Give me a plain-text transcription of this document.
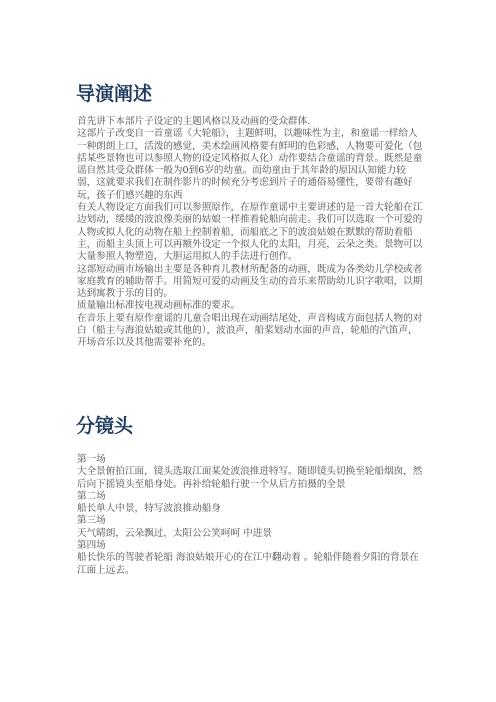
导演阐述

首先讲下本部片子设定的主题风格以及动画的受众群体.

这部片子改变自一首童谣《大轮船》，主题鲜明，以趣味性为主，和童谣一样给人一种朗朗上口，活泼的感觉，美术绘画风格要有鲜明的色彩感，人物要可爱化（包括某些景物也可以参照人物的设定风格拟人化）动作要结合童谣的背景。既然是童谣自然其受众群体一般为0到6岁的幼童。而幼童由于其年龄的原因认知能力较弱，这就要求我们在制作影片的时候充分考虑到片子的通俗易懂性，要带有趣好玩，孩子们感兴趣的东西

有关人物设定方面我们可以参照原作，在原作童谣中主要讲述的是一首大轮船在江边划动，缓缓的波浪像美丽的姑娘一样推着轮船向前走。我们可以选取一个可爱的人物或拟人化的动物在船上控制着船，而船底之下的波浪姑娘在默默的帮助着船主，而船主头顶上可以再额外设定一个拟人化的太阳，月亮，云朵之类。景物可以大量参照人物塑造，大胆运用拟人的手法进行创作。

这部短动画市场输出主要是各种育儿教材所配备的动画，既成为各类幼儿学校或者家庭教育的辅助帮手。用简短可爱的动画及生动的音乐来帮助幼儿识字歌唱，以期达到寓教于乐的目的。

质量输出标准按电视动画标准的要求。

在音乐上要有原作童谣的儿童合唱出现在动画结尾处，声音构成方面包括人物的对白（船主与海浪姑娘或其他的），波浪声，船桨划动水面的声音，轮船的汽笛声，开场音乐以及其他需要补充的。

分镜头

第一场

大全景俯拍江面，镜头选取江面某处波浪推进特写。随即镜头切换至轮船烟囱，然后向下摇镜头至船身处。再补给轮船行驶一个从后方拍摄的全景

第二场

船长单人中景，特写波浪推动船身

第三场

天气晴朗，云朵飘过，太阳公公笑呵呵 中进景

第四场

船长快乐的驾驶者轮船 海浪姑娘开心的在江中翻动着 。轮船伴随着夕阳的背景在江面上远去。
